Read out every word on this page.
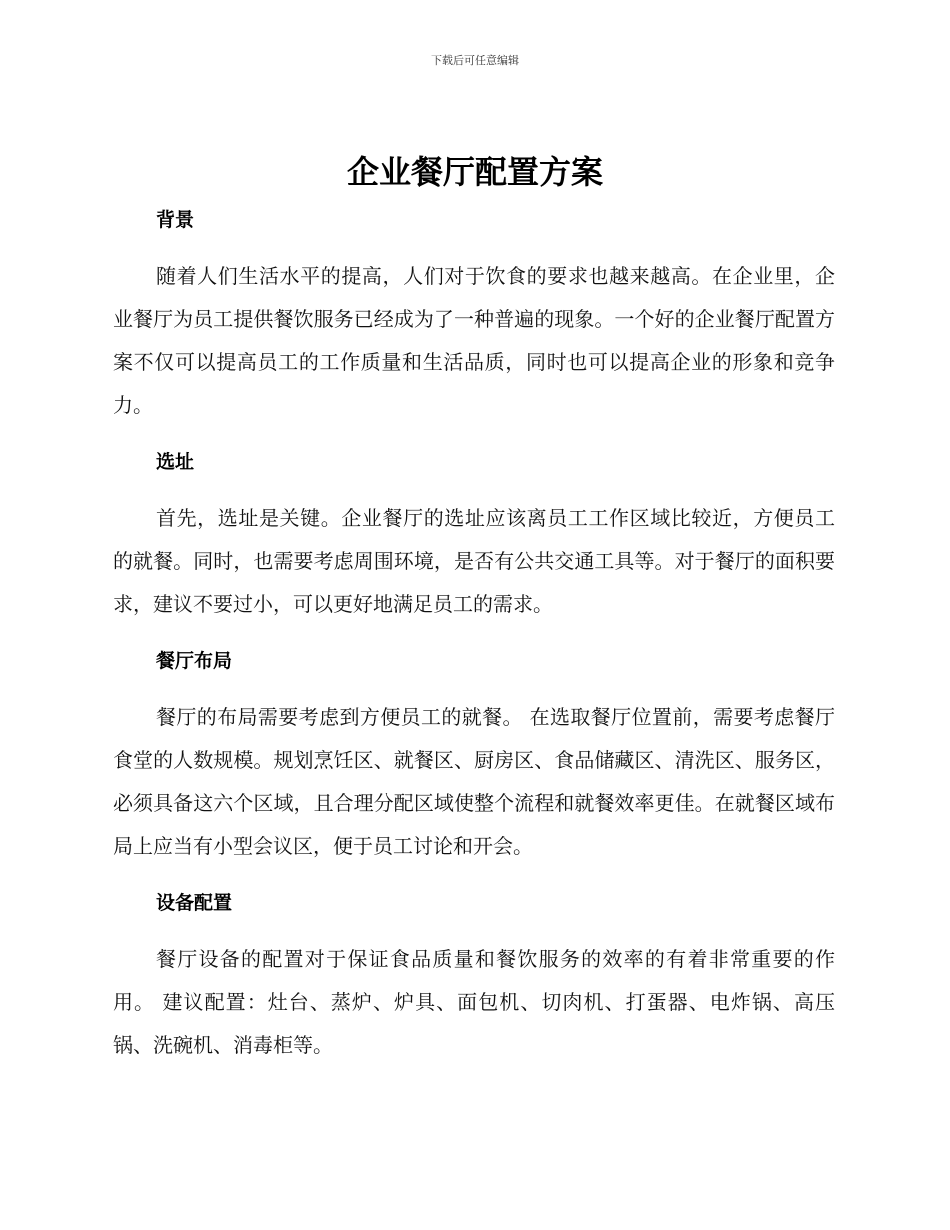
下载后可任意编辑
企业餐厅配置方案
背景

随着人们生活水平的提高，人们对于饮食的要求也越来越高。在企业里，企业餐厅为员工提供餐饮服务已经成为了一种普遍的现象。一个好的企业餐厅配置方案不仅可以提高员工的工作质量和生活品质，同时也可以提高企业的形象和竞争力。

选址

首先，选址是关键。企业餐厅的选址应该离员工工作区域比较近，方便员工的就餐。同时，也需要考虑周围环境，是否有公共交通工具等。对于餐厅的面积要求，建议不要过小，可以更好地满足员工的需求。

餐厅布局

餐厅的布局需要考虑到方便员工的就餐。 在选取餐厅位置前，需要考虑餐厅食堂的人数规模。规划烹饪区、就餐区、厨房区、食品储藏区、清洗区、服务区，必须具备这六个区域，且合理分配区域使整个流程和就餐效率更佳。在就餐区域布局上应当有小型会议区，便于员工讨论和开会。

设备配置

餐厅设备的配置对于保证食品质量和餐饮服务的效率的有着非常重要的作用。 建议配置：灶台、蒸炉、炉具、面包机、切肉机、打蛋器、电炸锅、高压锅、洗碗机、消毒柜等。
